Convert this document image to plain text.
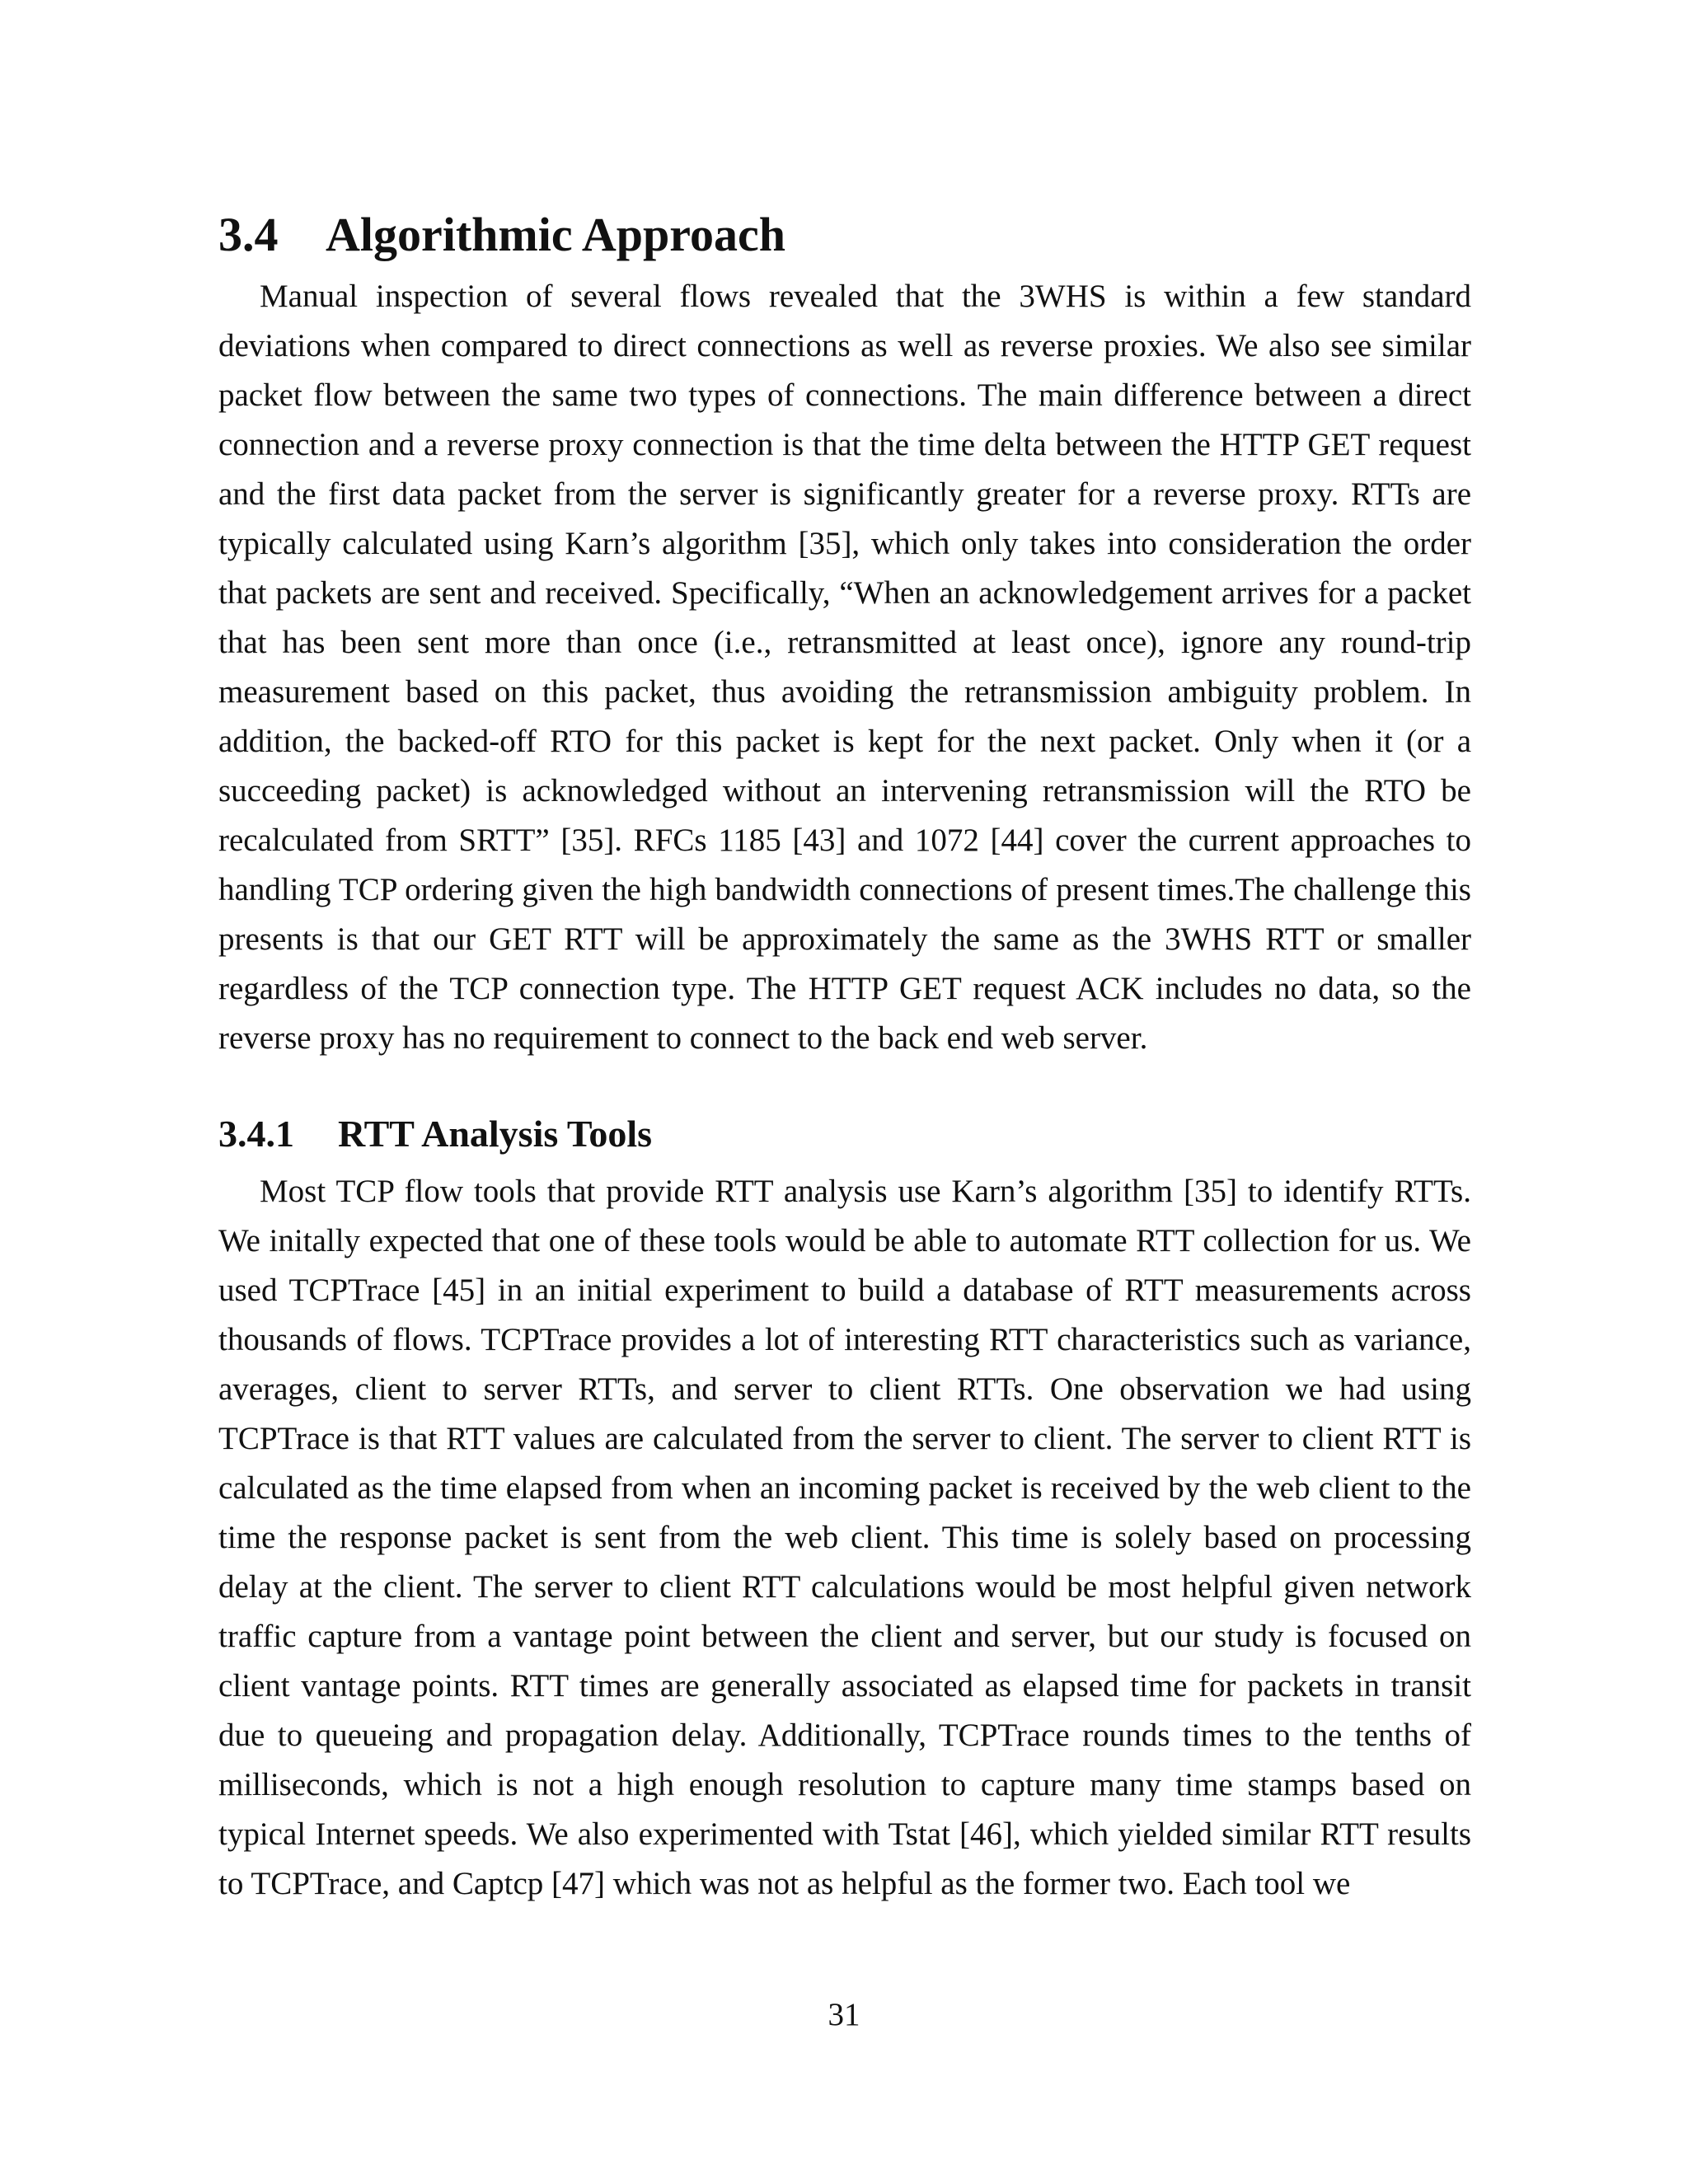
3.4 Algorithmic Approach

Manual inspection of several flows revealed that the 3WHS is within a few standard deviations when compared to direct connections as well as reverse proxies. We also see similar packet flow between the same two types of connections. The main difference between a direct connection and a reverse proxy connection is that the time delta between the HTTP GET request and the first data packet from the server is significantly greater for a reverse proxy. RTTs are typically calculated using Karn’s algorithm [35], which only takes into consideration the order that packets are sent and received. Specifically, “When an acknowledgement arrives for a packet that has been sent more than once (i.e., retransmitted at least once), ignore any round-trip measurement based on this packet, thus avoiding the retransmission ambiguity problem. In addition, the backed-off RTO for this packet is kept for the next packet. Only when it (or a succeeding packet) is acknowledged without an intervening retransmission will the RTO be recalculated from SRTT” [35]. RFCs 1185 [43] and 1072 [44] cover the current approaches to handling TCP ordering given the high bandwidth connections of present times.The challenge this presents is that our GET RTT will be approximately the same as the 3WHS RTT or smaller regardless of the TCP connection type. The HTTP GET request ACK includes no data, so the reverse proxy has no requirement to connect to the back end web server.

3.4.1 RTT Analysis Tools

Most TCP flow tools that provide RTT analysis use Karn’s algorithm [35] to identify RTTs. We initally expected that one of these tools would be able to automate RTT collection for us. We used TCPTrace [45] in an initial experiment to build a database of RTT measurements across thousands of flows. TCPTrace provides a lot of interesting RTT characteristics such as variance, averages, client to server RTTs, and server to client RTTs. One observation we had using TCPTrace is that RTT values are calculated from the server to client. The server to client RTT is calculated as the time elapsed from when an incoming packet is received by the web client to the time the response packet is sent from the web client. This time is solely based on processing delay at the client. The server to client RTT calculations would be most helpful given network traffic capture from a vantage point between the client and server, but our study is focused on client vantage points. RTT times are generally associated as elapsed time for packets in transit due to queueing and propagation delay. Additionally, TCPTrace rounds times to the tenths of milliseconds, which is not a high enough resolution to capture many time stamps based on typical Internet speeds. We also experimented with Tstat [46], which yielded similar RTT results to TCPTrace, and Captcp [47] which was not as helpful as the former two. Each tool we

31
